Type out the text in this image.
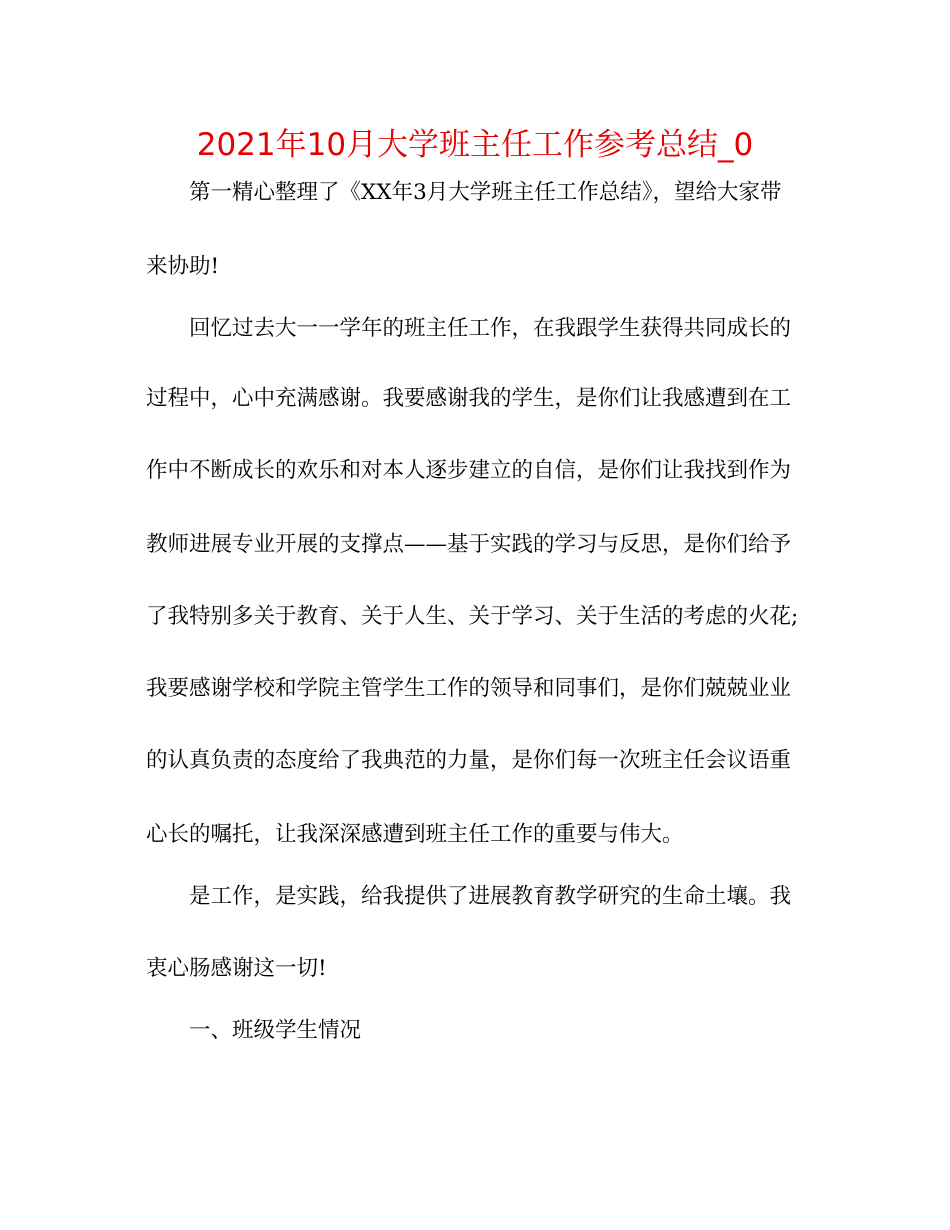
2021年10月大学班主任工作参考总结_0
第一精心整理了《XX年3月大学班主任工作总结》，望给大家带
来协助!
回忆过去大一一学年的班主任工作，在我跟学生获得共同成长的
过程中，心中充满感谢。我要感谢我的学生，是你们让我感遭到在工
作中不断成长的欢乐和对本人逐步建立的自信，是你们让我找到作为
教师进展专业开展的支撑点——基于实践的学习与反思，是你们给予
了我特别多关于教育、关于人生、关于学习、关于生活的考虑的火花;
我要感谢学校和学院主管学生工作的领导和同事们，是你们兢兢业业
的认真负责的态度给了我典范的力量，是你们每一次班主任会议语重
心长的嘱托，让我深深感遭到班主任工作的重要与伟大。
是工作，是实践，给我提供了进展教育教学研究的生命土壤。我
衷心肠感谢这一切!
一、班级学生情况
